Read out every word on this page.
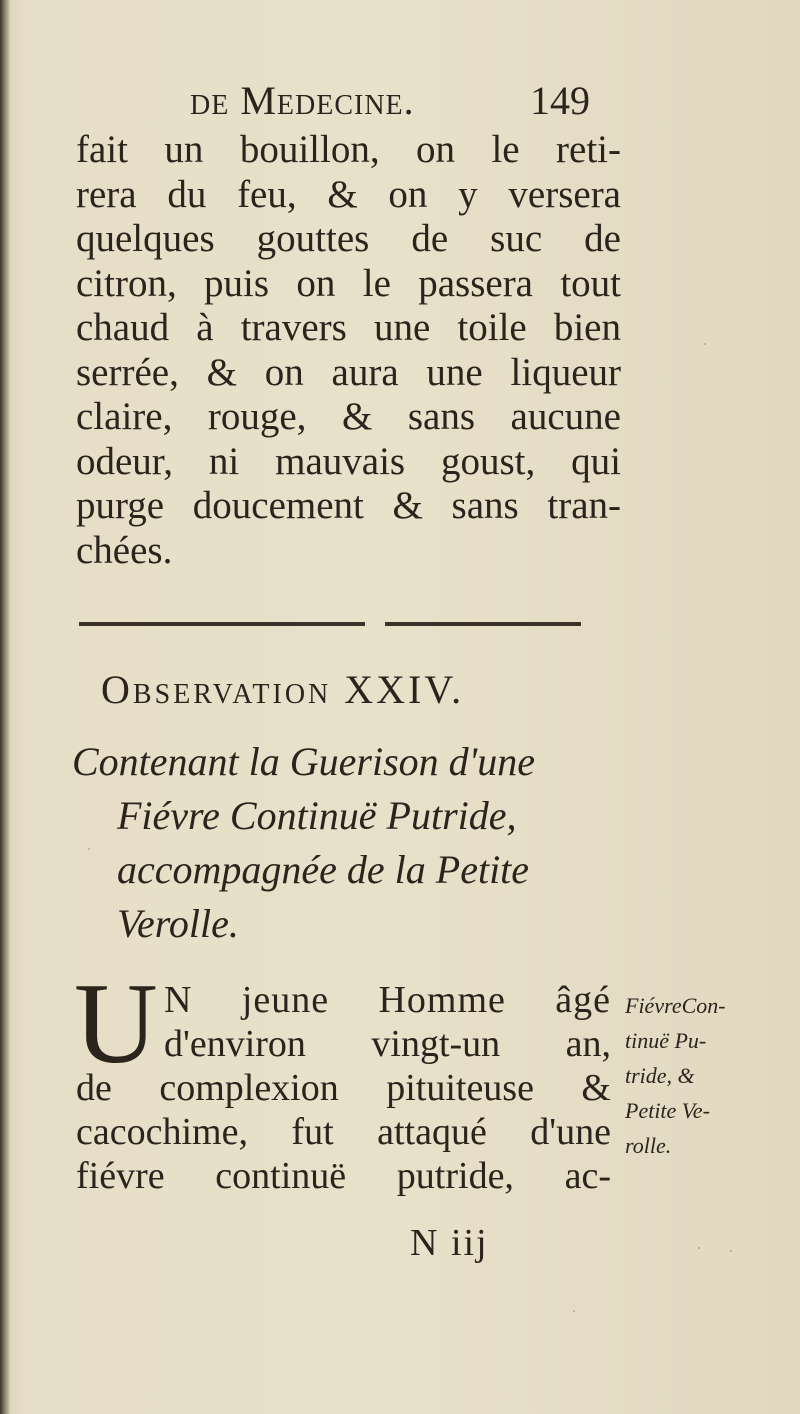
de Medecine.	149
fait un bouillon, on le reti-
rera du feu, & on y versera
quelques gouttes de suc de
citron, puis on le passera tout
chaud à travers une toile bien
serrée, & on aura une liqueur
claire, rouge, & sans aucune
odeur, ni mauvais goust, qui
purge doucement & sans tran-
chées.
Observation XXIV.
Contenant la Guerison d'une
Fiévre Continuë Putride,
accompagnée de la Petite
Verolle.
U N jeune Homme âgé
d'environ vingt-un an,
de complexion pituiteuse &
cacochime, fut attaqué d'une
fiévre continuë putride, ac-
N iij
FiévreCon-
tinuë Pu-
tride, &
Petite Ve-
rolle.
